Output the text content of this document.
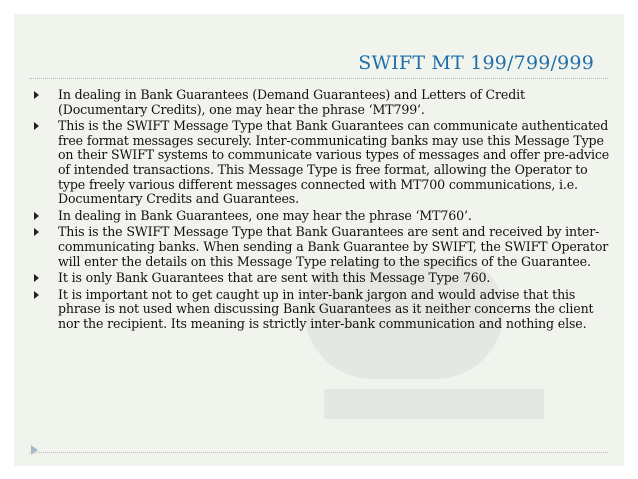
SWIFT MT 199/799/999
In dealing in Bank Guarantees (Demand Guarantees) and Letters of Credit (Documentary Credits), one may hear the phrase ‘MT799’.
This is the SWIFT Message Type that Bank Guarantees can communicate authenticated free format messages securely. Inter-communicating banks may use this Message Type on their SWIFT systems to communicate various types of messages and offer pre-advice of intended transactions. This Message Type is free format, allowing the Operator to type freely various different messages connected with MT700 communications, i.e. Documentary Credits and Guarantees.
In dealing in Bank Guarantees, one may hear the phrase ‘MT760’.
This is the SWIFT Message Type that Bank Guarantees are sent and received by inter-communicating banks. When sending a Bank Guarantee by SWIFT, the SWIFT Operator will enter the details on this Message Type relating to the specifics of the Guarantee.
It is only Bank Guarantees that are sent with this Message Type 760.
It is important not to get caught up in inter-bank jargon and would advise that this phrase is not used when discussing Bank Guarantees as it neither concerns the client nor the recipient. Its meaning is strictly inter-bank communication and nothing else.
